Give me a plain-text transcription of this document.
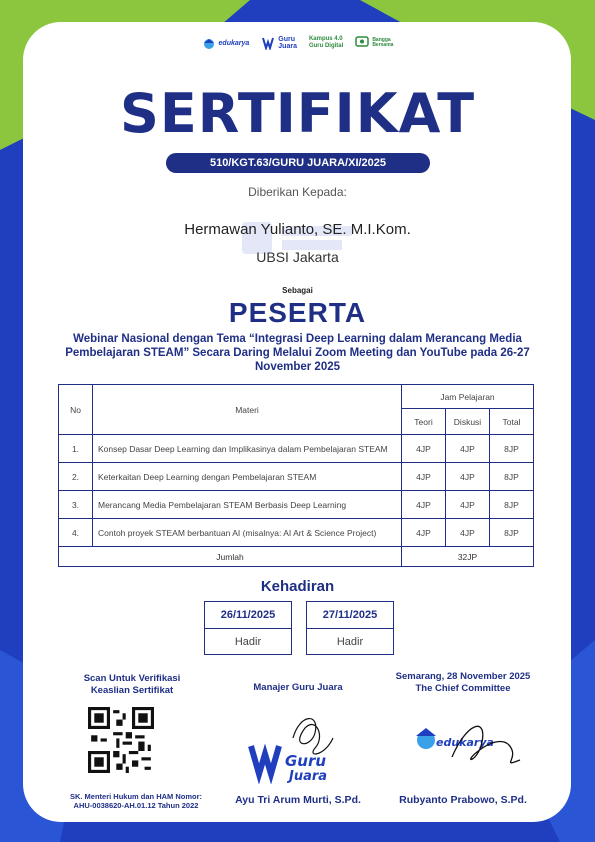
edukarya	Guru
Juara
Kampus 4.0
Guru Digital
Bangga
Bersama
SERTIFIKAT
510/KGT.63/GURU JUARA/XI/2025
Diberikan Kepada:
Hermawan Yulianto, SE. M.I.Kom.
UBSI Jakarta
Sebagai
PESERTA
Webinar Nasional dengan Tema “Integrasi Deep Learning dalam Merancang Media Pembelajaran STEAM” Secara Daring Melalui Zoom Meeting dan YouTube pada 26-27 November 2025
No	Materi	Jam Pelajaran		
		Teori	Diskusi	Total
1.	Konsep Dasar Deep Learning dan Implikasinya dalam Pembelajaran STEAM	4JP	4JP	8JP
2.	Keterkaitan Deep Learning dengan Pembelajaran STEAM	4JP	4JP	8JP
3.	Merancang Media Pembelajaran STEAM Berbasis Deep Learning	4JP	4JP	8JP
4.	Contoh proyek STEAM berbantuan AI (misalnya: AI Art & Science Project)	4JP	4JP	8JP
Jumlah		32JP		
Kehadiran
26/11/2025
Hadir
27/11/2025
Hadir
Scan Untuk Verifikasi
Keaslian Sertifikat	Manajer Guru Juara
Semarang, 28 November 2025
The Chief Committee
Guru
Juara
edukarya
SK. Menteri Hukum dan HAM Nomor:
AHU-0038620-AH.01.12 Tahun 2022	Ayu Tri Arum Murti, S.Pd.	Rubyanto Prabowo, S.Pd.
